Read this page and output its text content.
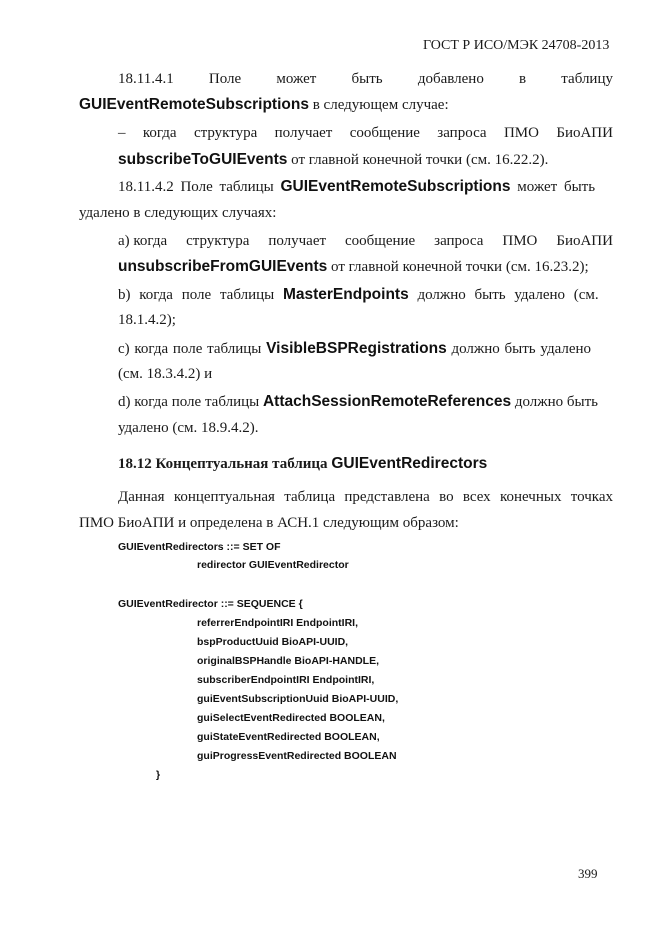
ГОСТ Р ИСО/МЭК 24708-2013
18.11.4.1 Поле может быть добавлено в таблицу
GUIEventRemoteSubscriptions в следующем случае:
– когда структура получает сообщение запроса ПМО БиоАПИ
subscribeToGUIEvents от главной конечной точки (см. 16.22.2).
18.11.4.2 Поле таблицы GUIEventRemoteSubscriptions может быть
удалено в следующих случаях:
а) когда структура получает сообщение запроса ПМО БиоАПИ
unsubscribeFromGUIEvents от главной конечной точки (см. 16.23.2);
b) когда поле таблицы MasterEndpoints должно быть удалено (см.
18.1.4.2);
c) когда поле таблицы VisibleBSPRegistrations должно быть удалено
(см. 18.3.4.2) и
d) когда поле таблицы AttachSessionRemoteReferences должно быть
удалено (см. 18.9.4.2).
18.12 Концептуальная таблица GUIEventRedirectors
Данная концептуальная таблица представлена во всех конечных точках
ПМО БиоАПИ и определена в АСН.1 следующим образом:
GUIEventRedirectors ::= SET OF
redirector GUIEventRedirector
GUIEventRedirector ::= SEQUENCE {
referrerEndpointIRI EndpointIRI,
bspProductUuid BioAPI-UUID,
originalBSPHandle BioAPI-HANDLE,
subscriberEndpointIRI EndpointIRI,
guiEventSubscriptionUuid BioAPI-UUID,
guiSelectEventRedirected BOOLEAN,
guiStateEventRedirected BOOLEAN,
guiProgressEventRedirected BOOLEAN
}
399
